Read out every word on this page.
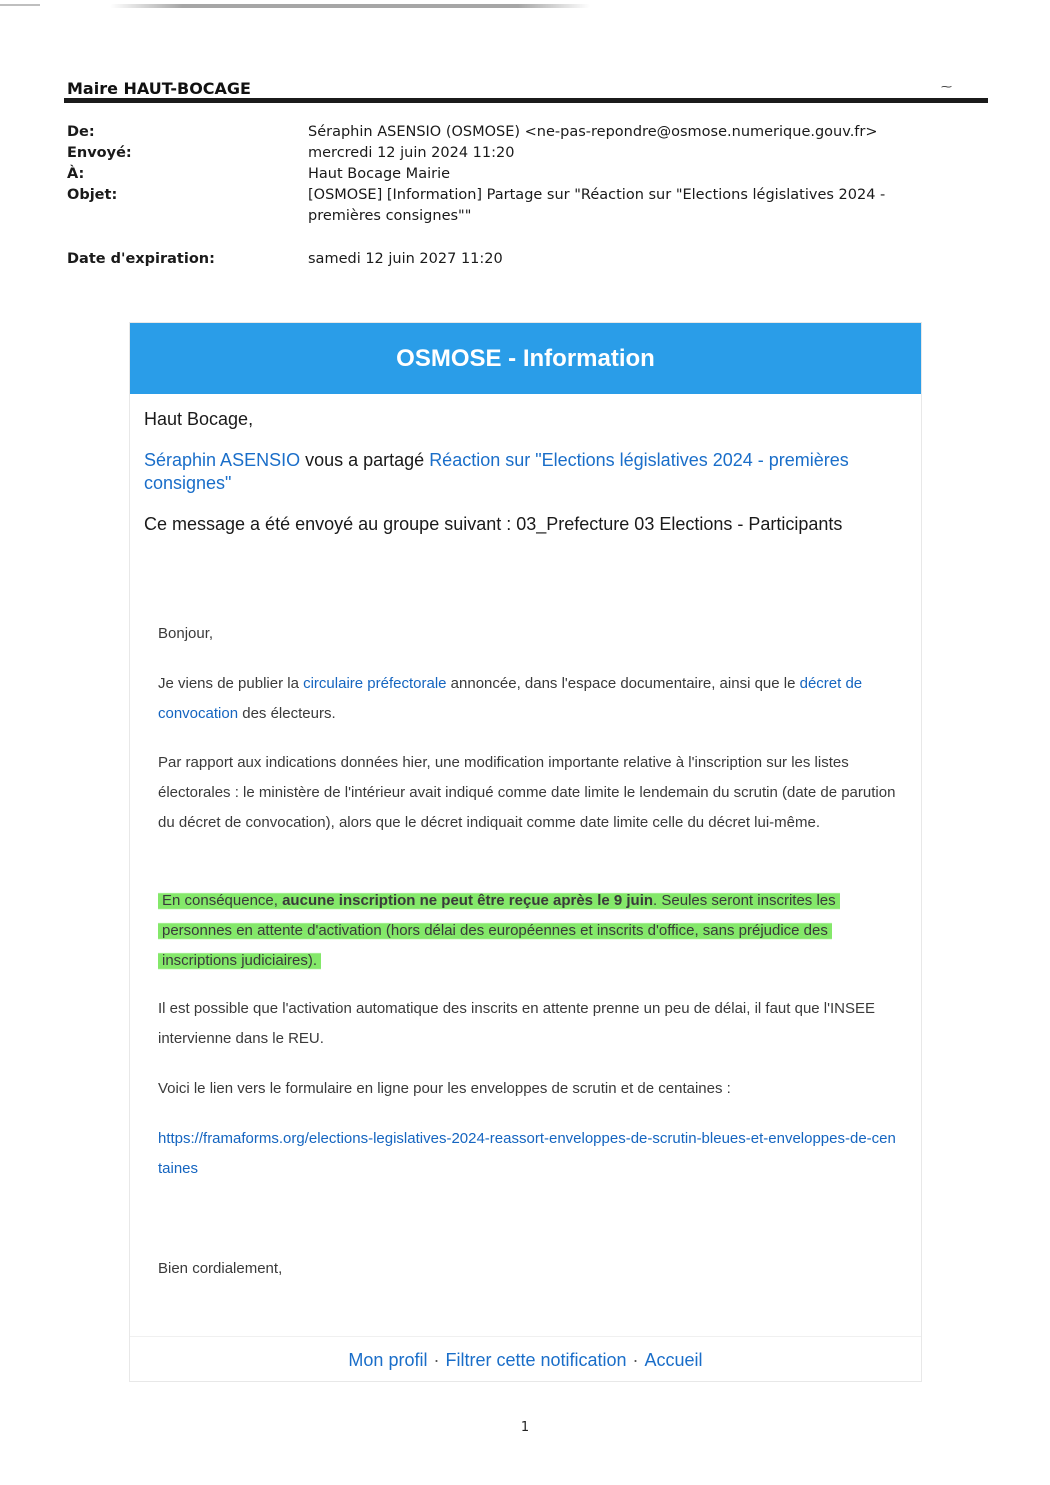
Maire HAUT-BOCAGE	⁓
De:	Séraphin ASENSIO (OSMOSE) <ne-pas-repondre@osmose.numerique.gouv.fr>
Envoyé:	mercredi 12 juin 2024 11:20
À:	Haut Bocage Mairie
Objet:	[OSMOSE] [Information] Partage sur "Réaction sur "Elections législatives 2024 - premières consignes""
Date d'expiration:	samedi 12 juin 2027 11:20
OSMOSE - Information
Haut Bocage,
Séraphin ASENSIO vous a partagé Réaction sur "Elections législatives 2024 - premières consignes"
Ce message a été envoyé au groupe suivant : 03_Prefecture 03 Elections - Participants
Bonjour,
Je viens de publier la circulaire préfectorale annoncée, dans l'espace documentaire, ainsi que le décret de convocation des électeurs.
Par rapport aux indications données hier, une modification importante relative à l'inscription sur les listes électorales : le ministère de l'intérieur avait indiqué comme date limite le lendemain du scrutin (date de parution du décret de convocation), alors que le décret indiquait comme date limite celle du décret lui-même.
En conséquence, aucune inscription ne peut être reçue après le 9 juin. Seules seront inscrites les personnes en attente d'activation (hors délai des européennes et inscrits d'office, sans préjudice des inscriptions judiciaires).
Il est possible que l'activation automatique des inscrits en attente prenne un peu de délai, il faut que l'INSEE intervienne dans le REU.
Voici le lien vers le formulaire en ligne pour les enveloppes de scrutin et de centaines :
https://framaforms.org/elections-legislatives-2024-reassort-enveloppes-de-scrutin-bleues-et-enveloppes-de-centaines
Bien cordialement,
Mon profil · Filtrer cette notification · Accueil
1
